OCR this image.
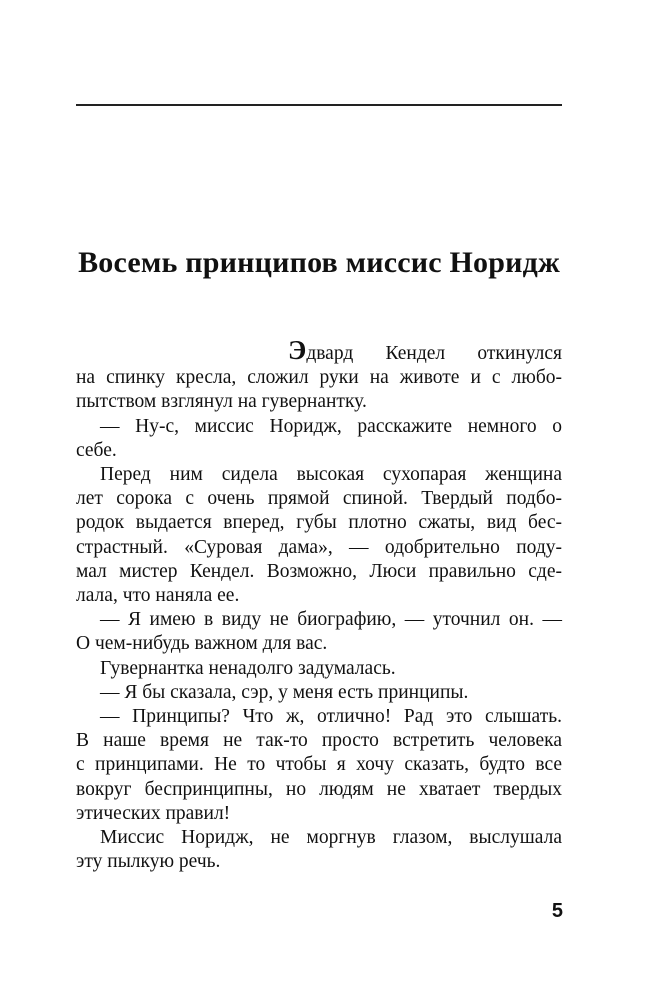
Восемь принципов миссис Норидж
Эдвард Кендел откинулся
на спинку кресла, сложил руки на животе и с любо-
пытством взглянул на гувернантку.
— Ну-с, миссис Норидж, расскажите немного о
себе.
Перед ним сидела высокая сухопарая женщина
лет сорока с очень прямой спиной. Твердый подбо-
родок выдается вперед, губы плотно сжаты, вид бес-
страстный. «Суровая дама», — одобрительно поду-
мал мистер Кендел. Возможно, Люси правильно сде-
лала, что наняла ее.
— Я имею в виду не биографию, — уточнил он. —
О чем-нибудь важном для вас.
Гувернантка ненадолго задумалась.
— Я бы сказала, сэр, у меня есть принципы.
— Принципы? Что ж, отлично! Рад это слышать.
В наше время не так-то просто встретить человека
с принципами. Не то чтобы я хочу сказать, будто все
вокруг беспринципны, но людям не хватает твердых
этических правил!
Миссис Норидж, не моргнув глазом, выслушала
эту пылкую речь.
5
